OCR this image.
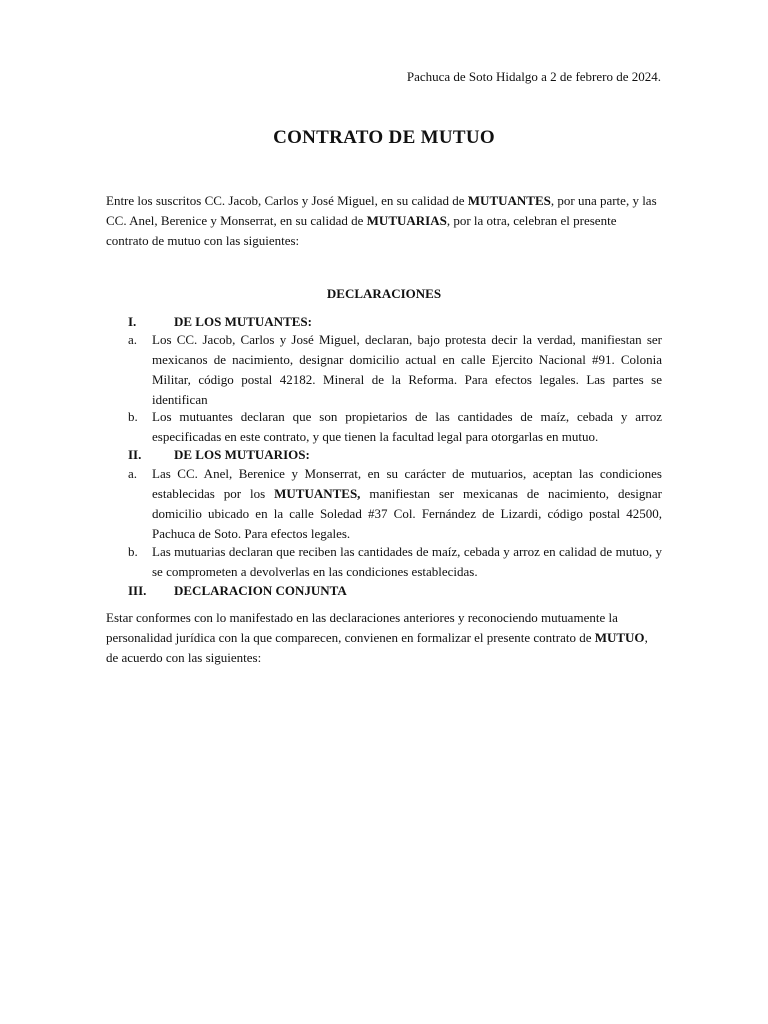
Pachuca de Soto Hidalgo a 2 de febrero de 2024.
CONTRATO DE MUTUO

Entre los suscritos CC. Jacob, Carlos y José Miguel, en su calidad de MUTUANTES, por una parte, y las CC. Anel, Berenice y Monserrat, en su calidad de MUTUARIAS, por la otra, celebran el presente contrato de mutuo con las siguientes:

DECLARACIONES
I.	DE LOS MUTUANTES:
a. Los CC. Jacob, Carlos y José Miguel, declaran, bajo protesta decir la verdad, manifiestan ser mexicanos de nacimiento, designar domicilio actual en calle Ejercito Nacional #91. Colonia Militar, código postal 42182. Mineral de la Reforma. Para efectos legales. Las partes se identifican
b. Los mutuantes declaran que son propietarios de las cantidades de maíz, cebada y arroz especificadas en este contrato, y que tienen la facultad legal para otorgarlas en mutuo.
II.	DE LOS MUTUARIOS:
a. Las CC. Anel, Berenice y Monserrat, en su carácter de mutuarios, aceptan las condiciones establecidas por los MUTUANTES, manifiestan ser mexicanas de nacimiento, designar domicilio ubicado en la calle Soledad #37 Col. Fernández de Lizardi, código postal 42500, Pachuca de Soto. Para efectos legales.
b. Las mutuarias declaran que reciben las cantidades de maíz, cebada y arroz en calidad de mutuo, y se comprometen a devolverlas en las condiciones establecidas.
III. DECLARACION CONJUNTA

Estar conformes con lo manifestado en las declaraciones anteriores y reconociendo mutuamente la personalidad jurídica con la que comparecen, convienen en formalizar el presente contrato de MUTUO, de acuerdo con las siguientes:
